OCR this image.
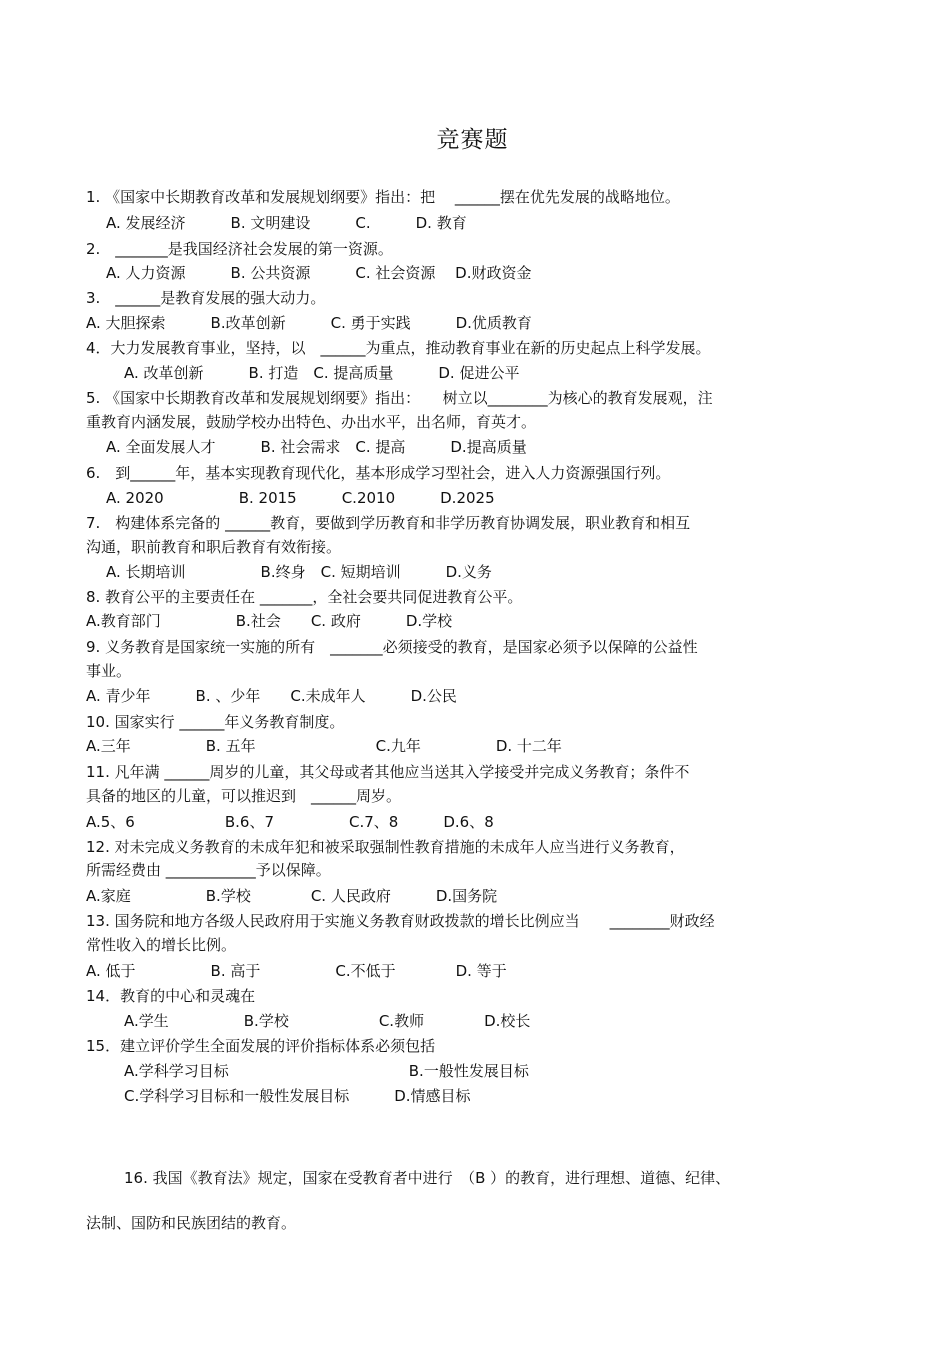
竞赛题
1. 《国家中长期教育改革和发展规划纲要》指出：把　 ______摆在优先发展的战略地位。
A. 发展经济　　　B. 文明建设　　　C.　　　D. 教育
2.　_______是我国经济社会发展的第一资源。
A. 人力资源　　　B. 公共资源　　　C. 社会资源　 D.财政资金
3.　______是教育发展的强大动力。
A. 大胆探索　　　B.改革创新　　　C. 勇于实践　　　D.优质教育
4．大力发展教育事业，坚持，以　______为重点，推动教育事业在新的历史起点上科学发展。
A. 改革创新　　　B. 打造　C. 提高质量　　　D. 促进公平
5. 《国家中长期教育改革和发展规划纲要》指出：　　树立以________为核心的教育发展观，注
重教育内涵发展，鼓励学校办出特色、办出水平，出名师，育英才。
A. 全面发展人才　　　B. 社会需求　C. 提高　　　D.提高质量
6.　到______年，基本实现教育现代化，基本形成学习型社会，进入人力资源强国行列。
A. 2020　　　　　B. 2015　　　C.2010　　　D.2025
7.　构建体系完备的 ______教育，要做到学历教育和非学历教育协调发展，职业教育和相互
沟通，职前教育和职后教育有效衔接。
A. 长期培训　　　　　B.终身　C. 短期培训　　　D.义务
8. 教育公平的主要责任在 _______，全社会要共同促进教育公平。
A.教育部门　　　　　B.社会　　C. 政府　　　D.学校
9. 义务教育是国家统一实施的所有　_______必须接受的教育，是国家必须予以保障的公益性
事业。
A. 青少年　　　B. 、少年　　C.未成年人　　　D.公民
10. 国家实行 ______年义务教育制度。
A.三年　　　　　B. 五年　　　　　　　　C.九年　　　　　D. 十二年
11. 凡年满 ______周岁的儿童，其父母或者其他应当送其入学接受并完成义务教育；条件不
具备的地区的儿童，可以推迟到　______周岁。
A.5、6　　　　　　B.6、7　　　　　C.7、8　　　D.6、8
12. 对未完成义务教育的未成年犯和被采取强制性教育措施的未成年人应当进行义务教育，
所需经费由 ____________予以保障。
A.家庭　　　　　B.学校　　　　C. 人民政府　　　D.国务院
13. 国务院和地方各级人民政府用于实施义务教育财政拨款的增长比例应当　　________财政经
常性收入的增长比例。
A. 低于　　　　　B. 高于　　　　　C.不低于　　　　D. 等于
14．教育的中心和灵魂在
A.学生　　　　　B.学校　　　　　　C.教师　　　　D.校长
15．建立评价学生全面发展的评价指标体系必须包括
A.学科学习目标　　　　　　　　　　　　B.一般性发展目标
C.学科学习目标和一般性发展目标　　　D.情感目标
16. 我国《教育法》规定，国家在受教育者中进行　（B ）的教育，进行理想、道德、纪律、
法制、国防和民族团结的教育。
